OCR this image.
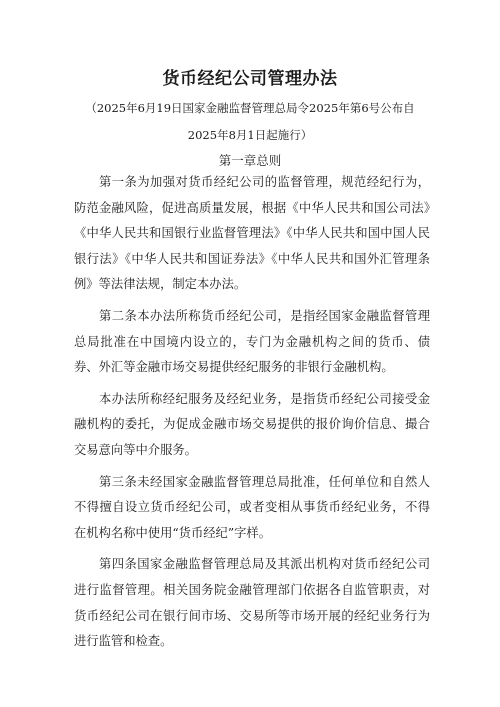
货币经纪公司管理办法
（2025年6月19日国家金融监督管理总局令2025年第6号公布自
2025年8月1日起施行）
第一章总则

第一条为加强对货币经纪公司的监督管理，规范经纪行为，防范金融风险，促进高质量发展，根据《中华人民共和国公司法》《中华人民共和国银行业监督管理法》《中华人民共和国中国人民银行法》《中华人民共和国证券法》《中华人民共和国外汇管理条例》等法律法规，制定本办法。

第二条本办法所称货币经纪公司，是指经国家金融监督管理总局批准在中国境内设立的，专门为金融机构之间的货币、债券、外汇等金融市场交易提供经纪服务的非银行金融机构。

本办法所称经纪服务及经纪业务，是指货币经纪公司接受金融机构的委托，为促成金融市场交易提供的报价询价信息、撮合交易意向等中介服务。

第三条未经国家金融监督管理总局批准，任何单位和自然人不得擅自设立货币经纪公司，或者变相从事货币经纪业务，不得在机构名称中使用“货币经纪”字样。

第四条国家金融监督管理总局及其派出机构对货币经纪公司进行监督管理。相关国务院金融管理部门依据各自监管职责，对货币经纪公司在银行间市场、交易所等市场开展的经纪业务行为进行监管和检查。
